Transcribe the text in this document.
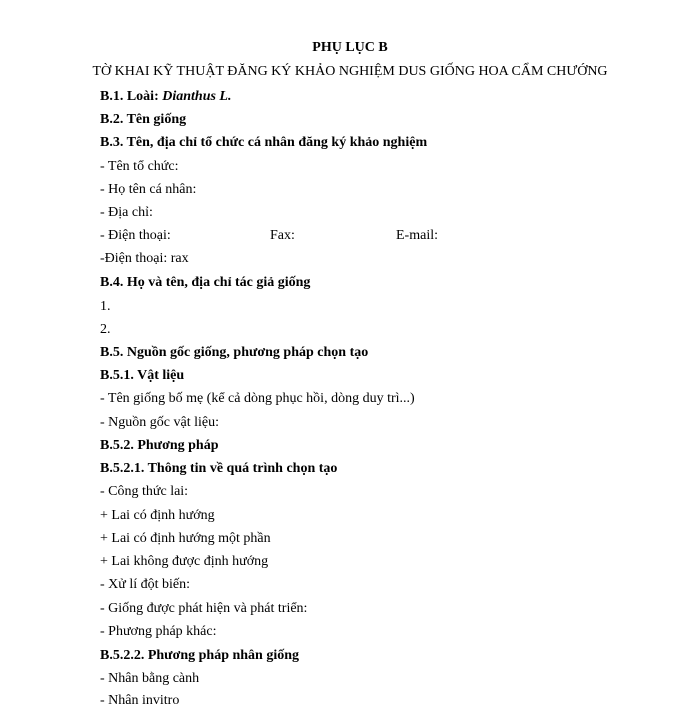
PHỤ LỤC B
TỜ KHAI KỸ THUẬT ĐĂNG KÝ KHẢO NGHIỆM DUS GIỐNG HOA CẨM CHƯỚNG
B.1. Loài: Dianthus L.
B.2. Tên giống
B.3. Tên, địa chỉ tổ chức cá nhân đăng ký khảo nghiệm
- Tên tổ chức:
- Họ tên cá nhân:
- Địa chỉ:
- Điện thoại:	Fax:	E-mail:
-Điện thoại: rax
B.4. Họ và tên, địa chỉ tác giả giống
1.
2.
B.5. Nguồn gốc giống, phương pháp chọn tạo
B.5.1. Vật liệu
- Tên giống bố mẹ (kể cả dòng phục hồi, dòng duy trì...)
- Nguồn gốc vật liệu:
B.5.2. Phương pháp
B.5.2.1. Thông tin về quá trình chọn tạo
- Công thức lai:
+ Lai có định hướng
+ Lai có định hướng một phần
+ Lai không được định hướng
- Xử lí đột biến:
- Giống được phát hiện và phát triển:
- Phương pháp khác:
B.5.2.2. Phương pháp nhân giống
- Nhân bằng cành
- Nhân invitro
